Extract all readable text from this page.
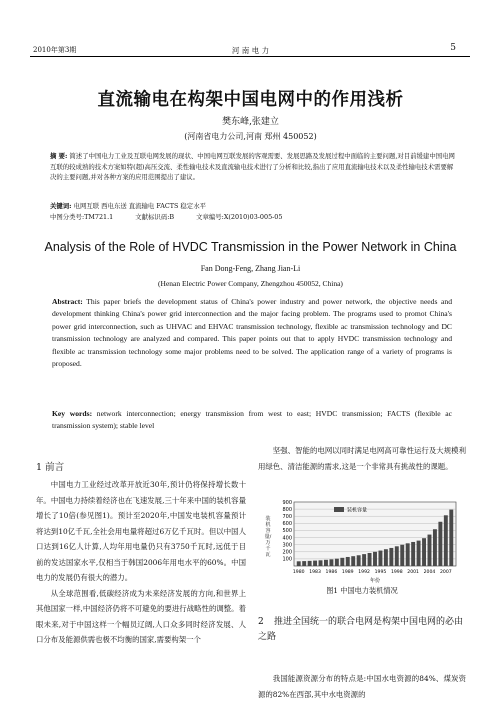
2010年第3期	河 南 电 力	5
直流输电在构架中国电网中的作用浅析
樊东峰,张建立
(河南省电力公司,河南 郑州 450052)
摘 要: 简述了中国电力工业及互联电网发展的现状、中国电网互联发展的客观需要、发展思路及发展过程中面临的主要问题,对目前缓建中国电网互联的较成熟的技术方案如特(超)高压交流、柔性输电技术及直流输电技术进行了分析和比较,指出了应用直流输电技术以及柔性输电技术需要解决的主要问题,并对各种方案的应用范围提出了建议。
关键词: 电网互联 西电东送 直流输电 FACTS 稳定水平
中图分类号:TM721.1	文献标识码:B	文章编号:X(2010)03-005-05
Analysis of the Role of HVDC Transmission in the Power Network in China
Fan Dong-Feng, Zhang Jian-Li
(Henan Electric Power Company, Zhengzhou 450052, China)
Abstract: This paper briefs the development status of China's power industry and power network, the objective needs and development thinking China's power grid interconnection and the major facing problem. The programs used to promot China's power grid interconnection, such as UHVAC and EHVAC transmission technology, flexible ac transmission technology and DC transmission technology are analyzed and compared. This paper points out that to apply HVDC transmission technology and flexible ac transmission technology some major problems need to be solved. The application range of a variety of programs is proposed.
Key words: network interconnection; energy transmission from west to east; HVDC transmission; FACTS (flexible ac transmission system); stable level
1 前言

中国电力工业经过改革开放近30年,预计仍将保持增长数十年。中国电力持续着经济也在飞速发展,三十年来中国的装机容量增长了10倍(参见图1)。预计至2020年,中国发电装机容量预计将达到10亿千瓦,全社会用电量将超过6万亿千瓦时。但以中国人口达到16亿人计算,人均年用电量仍只有3750千瓦时,远低于目前的发达国家水平,仅相当于韩国2006年用电水平的60%。中国电力的发展仍有很大的潜力。

从全球范围看,低碳经济成为未来经济发展的方向,和世界上其他国家一样,中国经济仍将不可避免的要进行战略性的调整。着眼未来,对于中国这样一个幅员辽阔,人口众多同时经济发展、人口分布及能源供需也极不均衡的国家,需要构架一个

坚强、智能的电网以同时满足电网高可靠性运行及大规模利用绿色、清洁能源的需求,这是一个非常具有挑战性的课题。

装机容量/万千瓦
100
200
300
400
500
600
700
800
900
1980 1983 1986 1989 1992 1995 1998 2001 2004 2007
年份
装机容量
图1 中国电力装机情况
2 推进全国统一的联合电网是构架中国电网的必由之路

我国能源资源分布的特点是:中国水电资源的84%、煤炭资源的82%在西部,其中水电资源的
